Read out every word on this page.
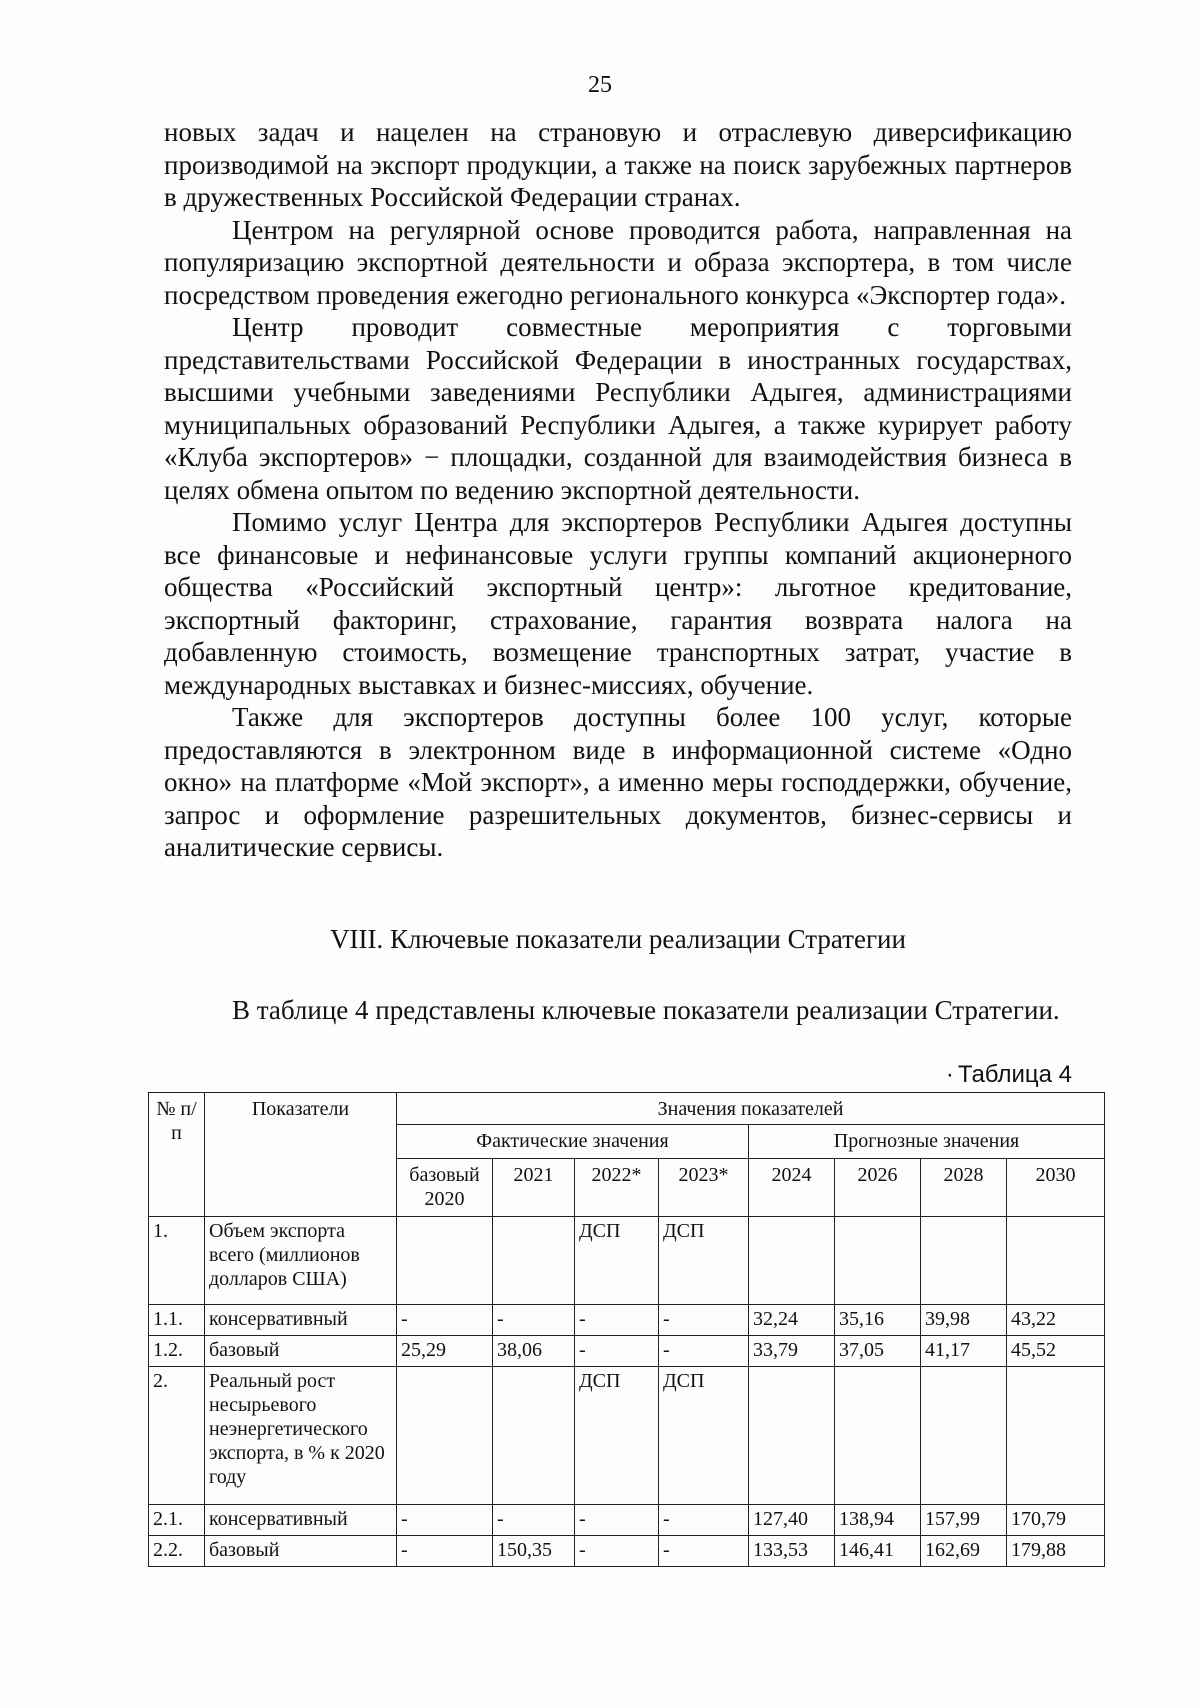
25

новых задач и нацелен на страновую и отраслевую диверсификацию производимой на экспорт продукции, а также на поиск зарубежных партнеров в дружественных Российской Федерации странах.

Центром на регулярной основе проводится работа, направленная на популяризацию экспортной деятельности и образа экспортера, в том числе посредством проведения ежегодно регионального конкурса «Экспортер года».

Центр проводит совместные мероприятия с торговыми представительствами Российской Федерации в иностранных государствах, высшими учебными заведениями Республики Адыгея, администрациями муниципальных образований Республики Адыгея, а также курирует работу «Клуба экспортеров» − площадки, созданной для взаимодействия бизнеса в целях обмена опытом по ведению экспортной деятельности.

Помимо услуг Центра для экспортеров Республики Адыгея доступны все финансовые и нефинансовые услуги группы компаний акционерного общества «Российский экспортный центр»: льготное кредитование, экспортный факторинг, страхование, гарантия возврата налога на добавленную стоимость, возмещение транспортных затрат, участие в международных выставках и бизнес-миссиях, обучение.

Также для экспортеров доступны более 100 услуг, которые предоставляются в электронном виде в информационной системе «Одно окно» на платформе «Мой экспорт», а именно меры господдержки, обучение, запрос и оформление разрешительных документов, бизнес-сервисы и аналитические сервисы.

VIII. Ключевые показатели реализации Стратегии

В таблице 4 представлены ключевые показатели реализации Стратегии.

· Таблица 4
№ п/п	Показатели	Значения показателей							
		Фактические значения				Прогнозные значения			
		базовый 2020	2021	2022*	2023*	2024	2026	2028	2030
1.	Объем экспорта всего (миллионов долларов США)			ДСП	ДСП				
1.1.	консервативный	-	-	-	-	32,24	35,16	39,98	43,22
1.2.	базовый	25,29	38,06	-	-	33,79	37,05	41,17	45,52
2.	Реальный рост несырьевого неэнергетического экспорта, в % к 2020 году			ДСП	ДСП				
2.1.	консервативный	-	-	-	-	127,40	138,94	157,99	170,79
2.2.	базовый	-	150,35	-	-	133,53	146,41	162,69	179,88
